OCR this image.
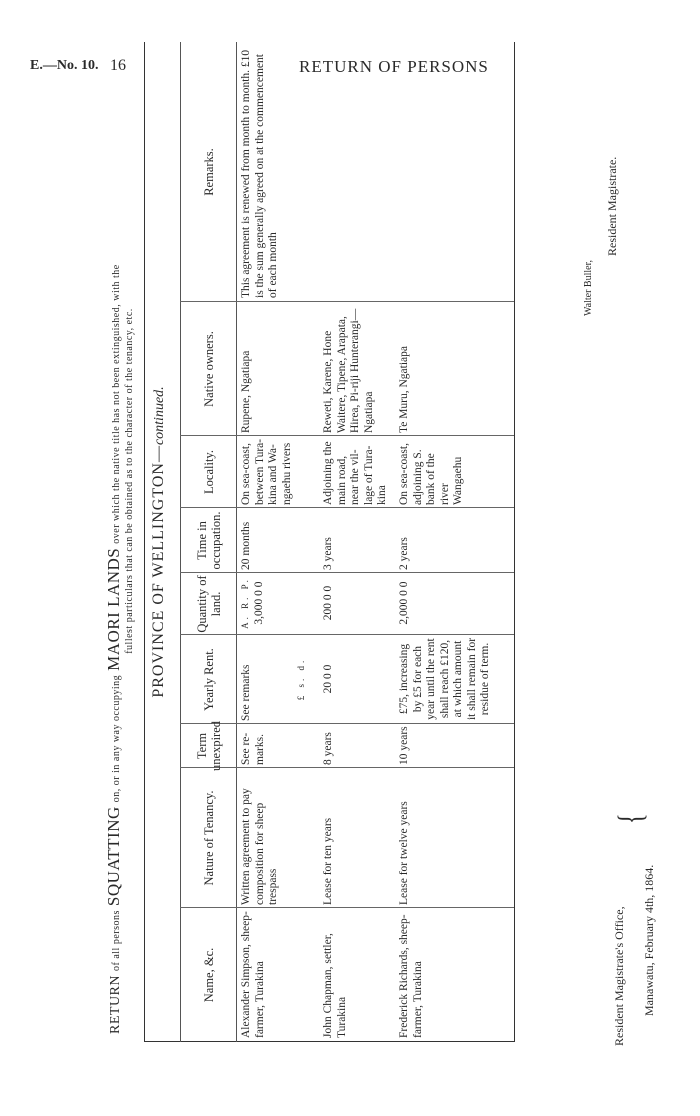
E.—No. 10. 16	RETURN OF PERSONS
RETURN of all persons SQUATTING on, or in any way occupying MAORI LANDS over which the native title has not been extinguished, with the fullest particulars that can be obtained as to the character of the tenancy, etc. PROVINCE OF WELLINGTON—continued.
Name, &c.
Nature of Tenancy.
Term unexpired
Yearly Rent.
Quantity of land.
Time in occupation.
Locality.
Native owners.
Remarks.
Alexander Simpson, sheep-farmer, Turakina
Written agreement to pay composition for sheep trespass
See re-marks.
See remarks	£ s. d.
A. R. P. 3,000 0 0
20 months
On sea-coast, between Tura-kina and Wa-ngaehu rivers
Rupene, Ngatiapa
This agreement is renewed from month to month. £10 is the sum generally agreed on at the commencement of each month
John Chapman, settler, Turakina
Lease for ten years
8 years
20 0 0
200 0 0
3 years
Adjoining the main road, near the vil-lage of Tura-kina
Reweti, Karene, Hone Waitere, Tipene, Arapata, Hirea, Pi-riji Hunterangi— Ngatiapa
Frederick Richards, sheep-farmer, Turakina
Lease for twelve years
10 years
£75, increasing by £5 for each year until the rent shall reach £120, at which amount it shall remain for residue of term.
2,000 0 0
2 years
On sea-coast, adjoining S. bank of the river Wangaehu
Te Muru, Ngatiapa
Resident Magistrate's Office, Manawatu, February 4th, 1864.
{
Walter Buller,
Resident Magistrate.
